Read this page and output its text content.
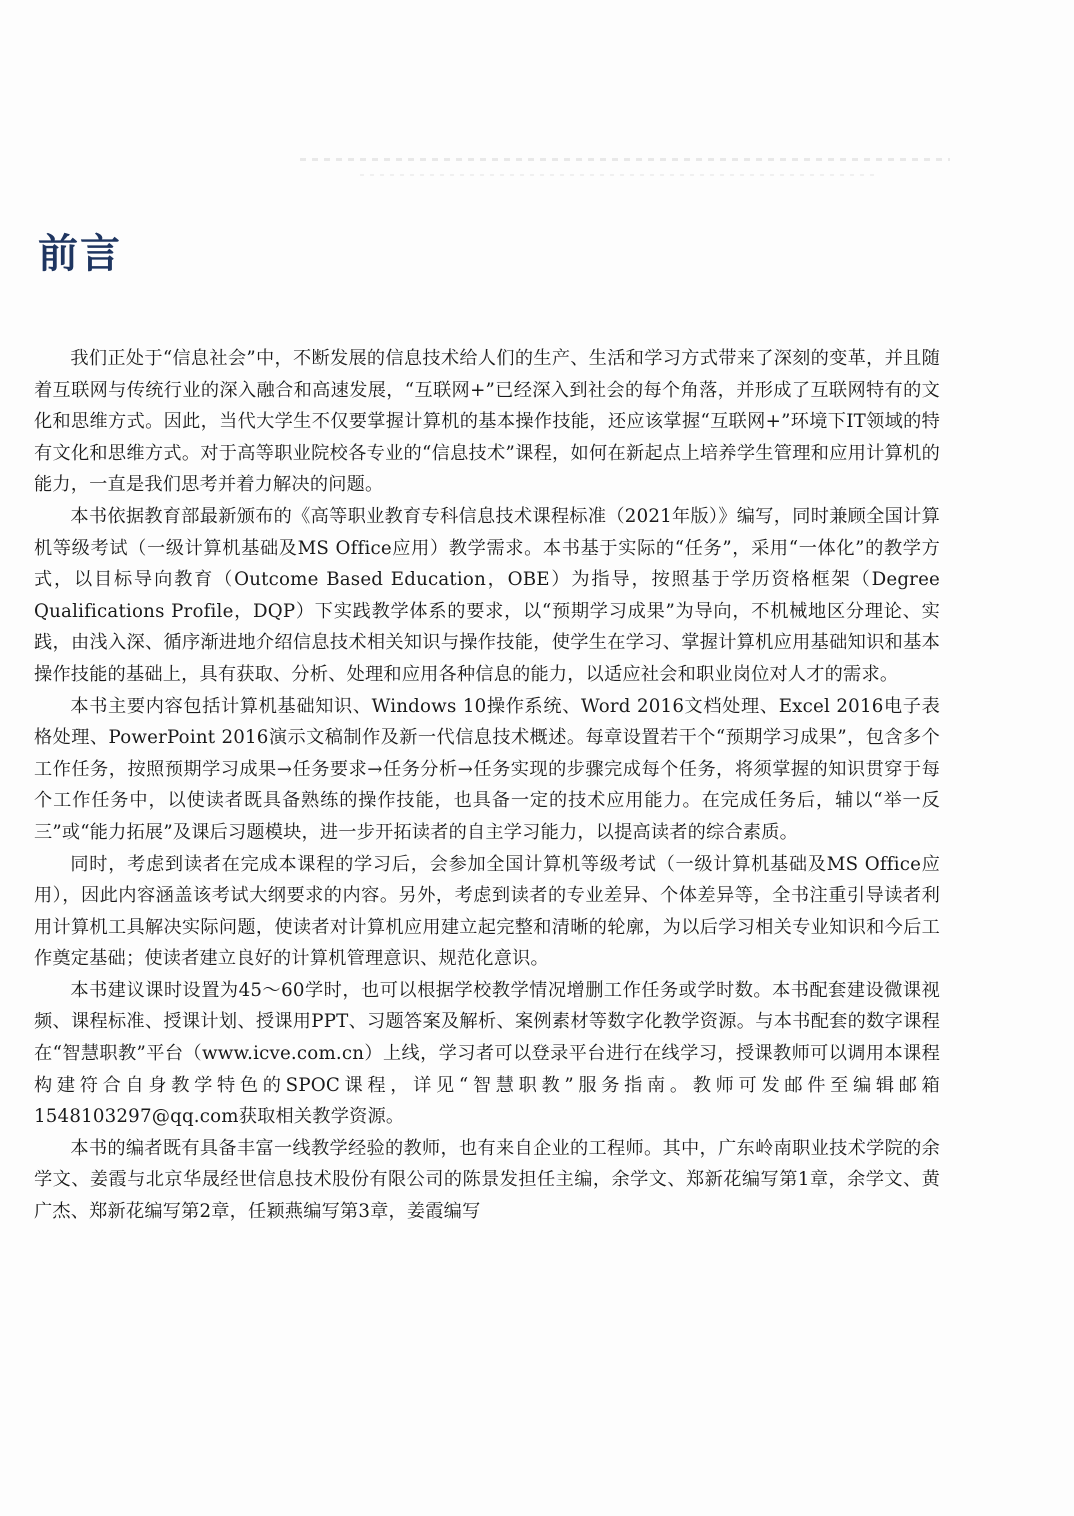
前言

我们正处于“信息社会”中，不断发展的信息技术给人们的生产、生活和学习方式带来了深刻的变革，并且随着互联网与传统行业的深入融合和高速发展，“互联网+”已经深入到社会的每个角落，并形成了互联网特有的文化和思维方式。因此，当代大学生不仅要掌握计算机的基本操作技能，还应该掌握“互联网+”环境下IT领域的特有文化和思维方式。对于高等职业院校各专业的“信息技术”课程，如何在新起点上培养学生管理和应用计算机的能力，一直是我们思考并着力解决的问题。

本书依据教育部最新颁布的《高等职业教育专科信息技术课程标准（2021年版）》编写，同时兼顾全国计算机等级考试（一级计算机基础及MS Office应用）教学需求。本书基于实际的“任务”，采用“一体化”的教学方式，以目标导向教育（Outcome Based Education，OBE）为指导，按照基于学历资格框架（Degree Qualifications Profile，DQP）下实践教学体系的要求，以“预期学习成果”为导向，不机械地区分理论、实践，由浅入深、循序渐进地介绍信息技术相关知识与操作技能，使学生在学习、掌握计算机应用基础知识和基本操作技能的基础上，具有获取、分析、处理和应用各种信息的能力，以适应社会和职业岗位对人才的需求。

本书主要内容包括计算机基础知识、Windows 10操作系统、Word 2016文档处理、Excel 2016电子表格处理、PowerPoint 2016演示文稿制作及新一代信息技术概述。每章设置若干个“预期学习成果”，包含多个工作任务，按照预期学习成果→任务要求→任务分析→任务实现的步骤完成每个任务，将须掌握的知识贯穿于每个工作任务中，以使读者既具备熟练的操作技能，也具备一定的技术应用能力。在完成任务后，辅以“举一反三”或“能力拓展”及课后习题模块，进一步开拓读者的自主学习能力，以提高读者的综合素质。

同时，考虑到读者在完成本课程的学习后，会参加全国计算机等级考试（一级计算机基础及MS Office应用），因此内容涵盖该考试大纲要求的内容。另外，考虑到读者的专业差异、个体差异等，全书注重引导读者利用计算机工具解决实际问题，使读者对计算机应用建立起完整和清晰的轮廓，为以后学习相关专业知识和今后工作奠定基础；使读者建立良好的计算机管理意识、规范化意识。

本书建议课时设置为45～60学时，也可以根据学校教学情况增删工作任务或学时数。本书配套建设微课视频、课程标准、授课计划、授课用PPT、习题答案及解析、案例素材等数字化教学资源。与本书配套的数字课程在“智慧职教”平台（www.icve.com.cn）上线，学习者可以登录平台进行在线学习，授课教师可以调用本课程构建符合自身教学特色的SPOC课程，详见“智慧职教”服务指南。教师可发邮件至编辑邮箱1548103297@qq.com获取相关教学资源。

本书的编者既有具备丰富一线教学经验的教师，也有来自企业的工程师。其中，广东岭南职业技术学院的余学文、姜霞与北京华晟经世信息技术股份有限公司的陈景发担任主编，余学文、郑新花编写第1章，余学文、黄广杰、郑新花编写第2章，任颖燕编写第3章，姜霞编写
